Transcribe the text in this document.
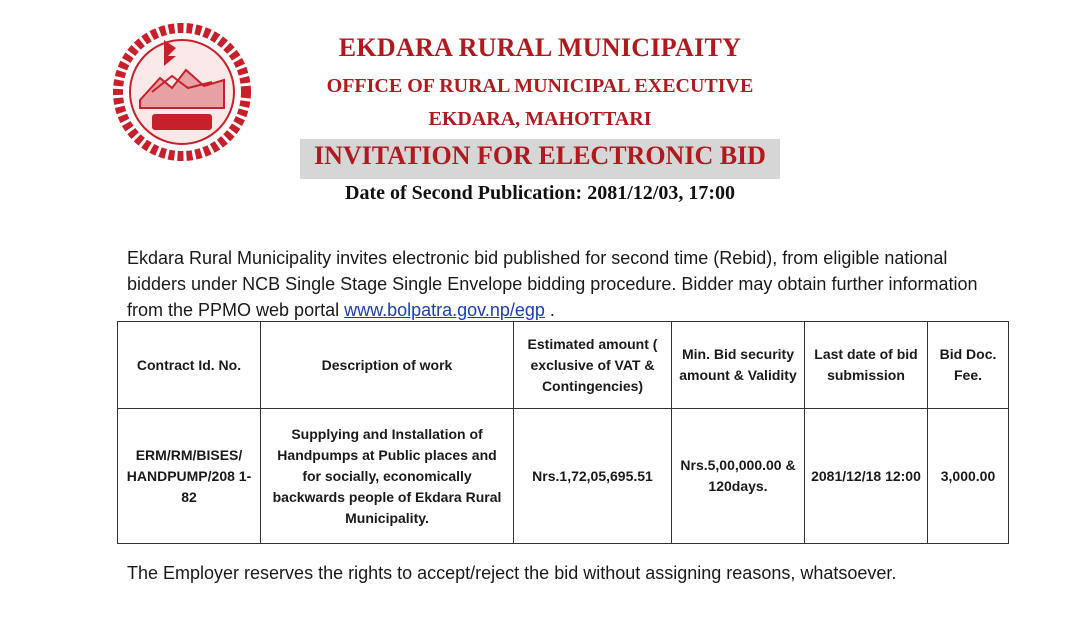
EKDARA RURAL MUNICIPAITY
OFFICE OF RURAL MUNICIPAL EXECUTIVE
EKDARA, MAHOTTARI
INVITATION FOR ELECTRONIC BID
Date of Second Publication: 2081/12/03, 17:00
Ekdara Rural Municipality invites electronic bid published for second time (Rebid), from eligible national bidders under NCB Single Stage Single Envelope bidding procedure. Bidder may obtain further information from the PPMO web portal www.bolpatra.gov.np/egp .
Contract Id. No.	Description of work	Estimated amount ( exclusive of VAT & Contingencies)	Min. Bid security amount & Validity	Last date of bid submission	Bid Doc. Fee.
ERM/RM/BISES/ HANDPUMP/208 1-82	Supplying and Installation of Handpumps at Public places and for socially, economically backwards people of Ekdara Rural Municipality.	Nrs.1,72,05,695.51	Nrs.5,00,000.00 & 120days.	2081/12/18 12:00	3,000.00
The Employer reserves the rights to accept/reject the bid without assigning reasons, whatsoever.
